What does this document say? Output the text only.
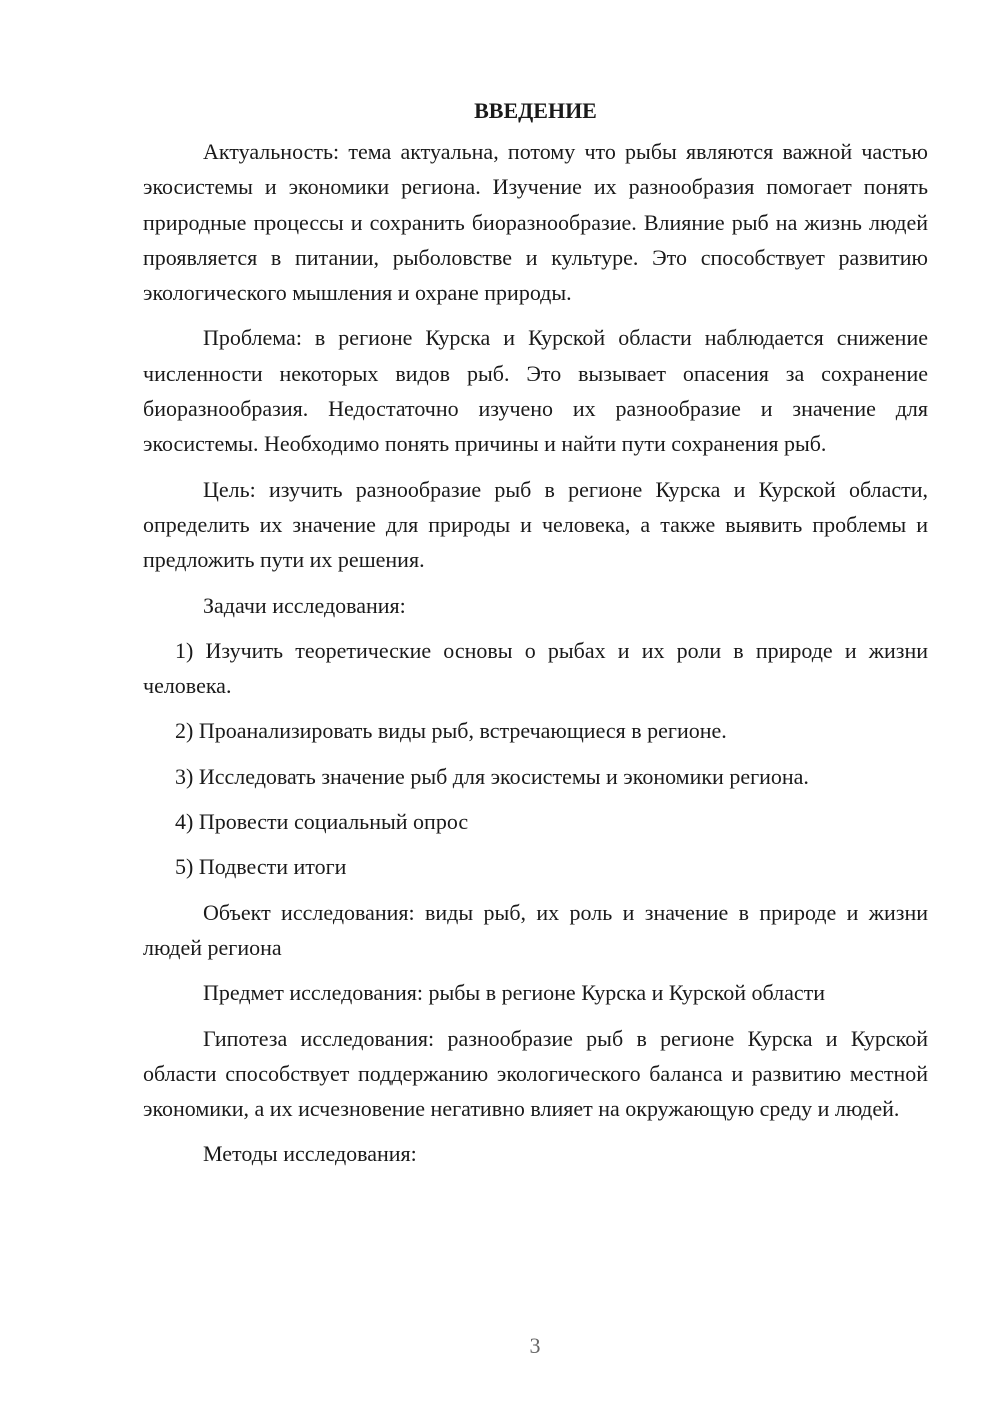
ВВЕДЕНИЕ

Актуальность: тема актуальна, потому что рыбы являются важной частью экосистемы и экономики региона. Изучение их разнообразия помогает понять природные процессы и сохранить биоразнообразие. Влияние рыб на жизнь людей проявляется в питании, рыболовстве и культуре. Это способствует развитию экологического мышления и охране природы.

Проблема: в регионе Курска и Курской области наблюдается снижение численности некоторых видов рыб. Это вызывает опасения за сохранение биоразнообразия. Недостаточно изучено их разнообразие и значение для экосистемы. Необходимо понять причины и найти пути сохранения рыб.

Цель: изучить разнообразие рыб в регионе Курска и Курской области, определить их значение для природы и человека, а также выявить проблемы и предложить пути их решения.

Задачи исследования:

1) Изучить теоретические основы о рыбах и их роли в природе и жизни человека.

2) Проанализировать виды рыб, встречающиеся в регионе.

3) Исследовать значение рыб для экосистемы и экономики региона.

4) Провести социальный опрос

5) Подвести итоги

Объект исследования: виды рыб, их роль и значение в природе и жизни людей региона

Предмет исследования: рыбы в регионе Курска и Курской области

Гипотеза исследования: разнообразие рыб в регионе Курска и Курской области способствует поддержанию экологического баланса и развитию местной экономики, а их исчезновение негативно влияет на окружающую среду и людей.

Методы исследования:

3
